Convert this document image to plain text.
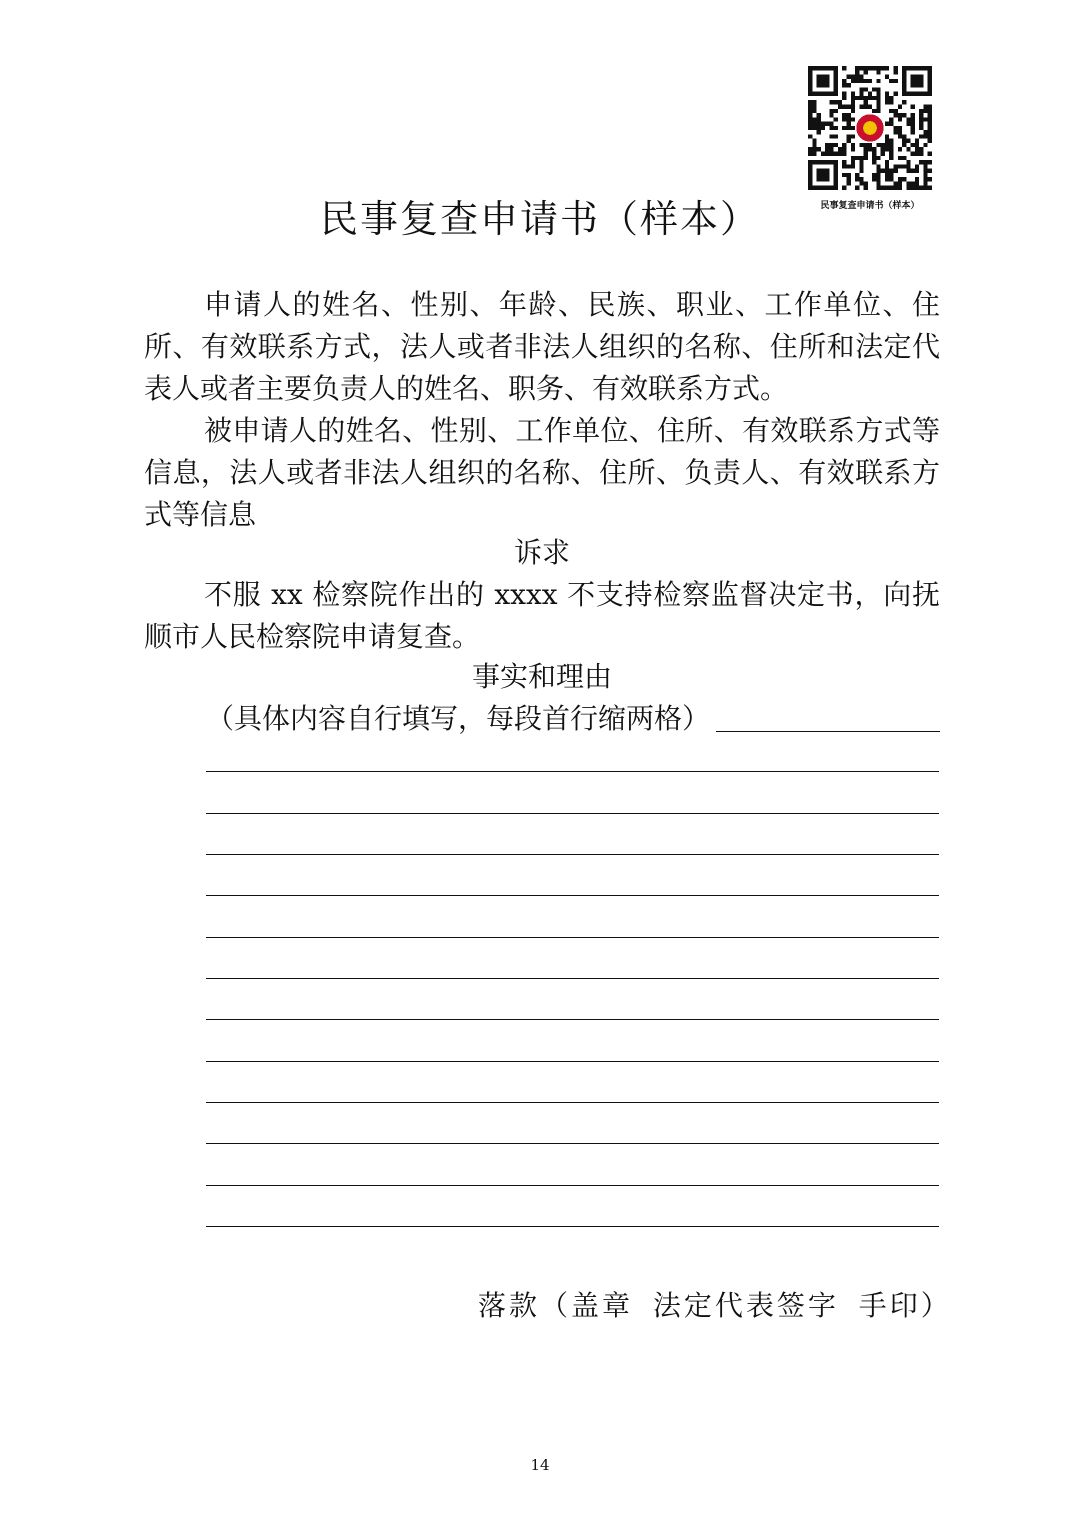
民事复查申请书（样本）
民事复查申请书（样本）

申请人的姓名、性别、年龄、民族、职业、工作单位、住所、有效联系方式，法人或者非法人组织的名称、住所和法定代表人或者主要负责人的姓名、职务、有效联系方式。

被申请人的姓名、性别、工作单位、住所、有效联系方式等信息，法人或者非法人组织的名称、住所、负责人、有效联系方式等信息

诉求

不服 xx 检察院作出的 xxxx 不支持检察监督决定书，向抚顺市人民检察院申请复查。

事实和理由

（具体内容自行填写，每段首行缩两格）
落款（盖章 法定代表签字 手印）
14
